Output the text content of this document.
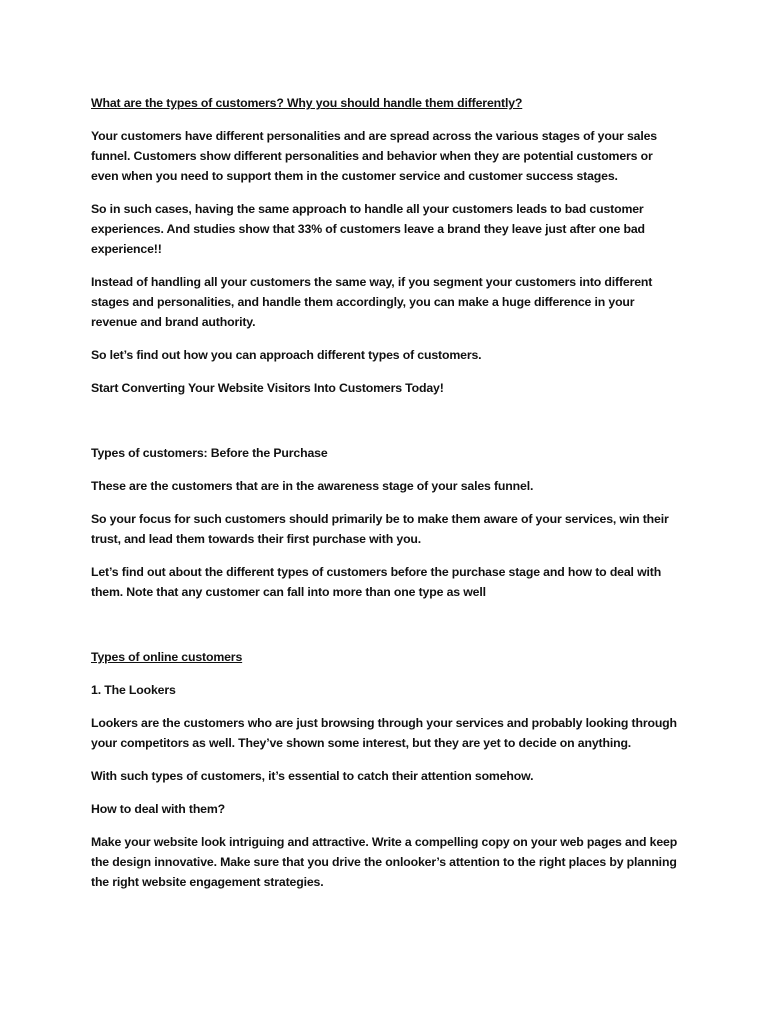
What are the types of customers? Why you should handle them differently?

Your customers have different personalities and are spread across the various stages of your sales funnel. Customers show different personalities and behavior when they are potential customers or even when you need to support them in the customer service and customer success stages.

So in such cases, having the same approach to handle all your customers leads to bad customer experiences. And studies show that 33% of customers leave a brand they leave just after one bad experience!!

Instead of handling all your customers the same way, if you segment your customers into different stages and personalities, and handle them accordingly, you can make a huge difference in your revenue and brand authority.

So let’s find out how you can approach different types of customers.

Start Converting Your Website Visitors Into Customers Today!

Types of customers: Before the Purchase

These are the customers that are in the awareness stage of your sales funnel.

So your focus for such customers should primarily be to make them aware of your services, win their trust, and lead them towards their first purchase with you.

Let’s find out about the different types of customers before the purchase stage and how to deal with them. Note that any customer can fall into more than one type as well

Types of online customers

1. The Lookers

Lookers are the customers who are just browsing through your services and probably looking through your competitors as well. They’ve shown some interest, but they are yet to decide on anything.

With such types of customers, it’s essential to catch their attention somehow.

How to deal with them?

Make your website look intriguing and attractive. Write a compelling copy on your web pages and keep the design innovative. Make sure that you drive the onlooker’s attention to the right places by planning the right website engagement strategies.
